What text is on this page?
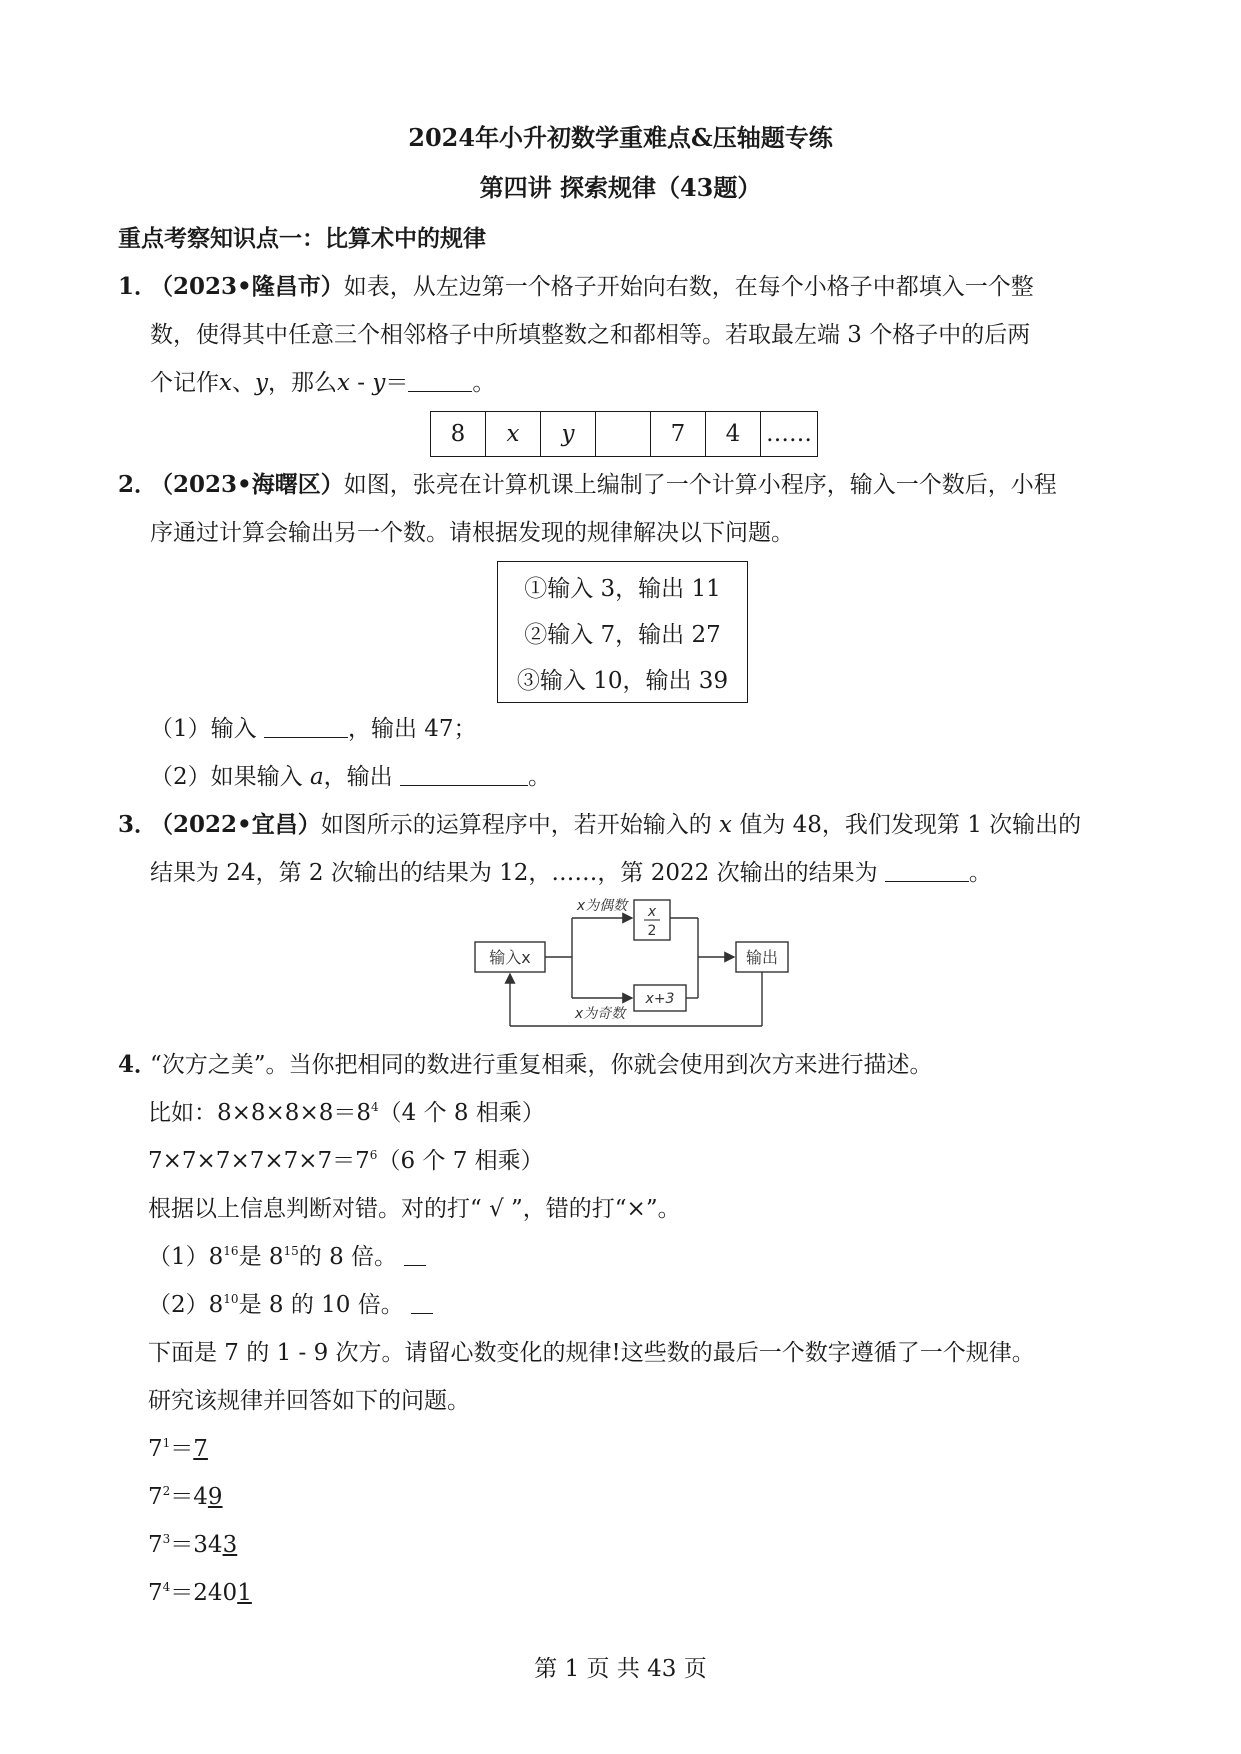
2024年小升初数学重难点&压轴题专练
第四讲 探索规律（43题）
重点考察知识点一：比算术中的规律
1．
（2023•隆昌市）如表，从左边第一个格子开始向右数，在每个小格子中都填入一个整
数，使得其中任意三个相邻格子中所填整数之和都相等。若取最左端 3 个格子中的后两
个记作x、y，那么x - y＝	。
8	x	y		7	4	……
2．
（2023•海曙区）如图，张亮在计算机课上编制了一个计算小程序，输入一个数后，小程
序通过计算会输出另一个数。请根据发现的规律解决以下问题。
①输入 3，输出 11
②输入 7，输出 27
③输入 10，输出 39
（1）输入	，输出 47；
（2）如果输入 a，输出	。
3．
（2022•宜昌）如图所示的运算程序中，若开始输入的 x 值为 48，我们发现第 1 次输出的
结果为 24，第 2 次输出的结果为 12，……，第 2022 次输出的结果为	。
输入x
x为偶数
x为奇数
x
2
x+3
输出
4．
“次方之美”。当你把相同的数进行重复相乘，你就会使用到次方来进行描述。
比如：$8\times 8\times 8\times 8=8^4(4$ 个 8 相乘）
$7\times 7\times 7\times 7\times 7\times 7=7^6(6$ 个 7 相乘）
根据以上信息判断对错。对的打“ √ ”，错的打“×”。
$(1)8^{16}$是 $8^{15}$的 8 倍。
$(2)8^{10}$是 8 的 10 倍。
下面是 7 的 1 - 9 次方。请留心数变化的规律!这些数的最后一个数字遵循了一个规律。
研究该规律并回答如下的问题。
$7^1=7$
$7^2=49$
$7^3=343$
$7^4=2401$
第 1 页 共 43 页
